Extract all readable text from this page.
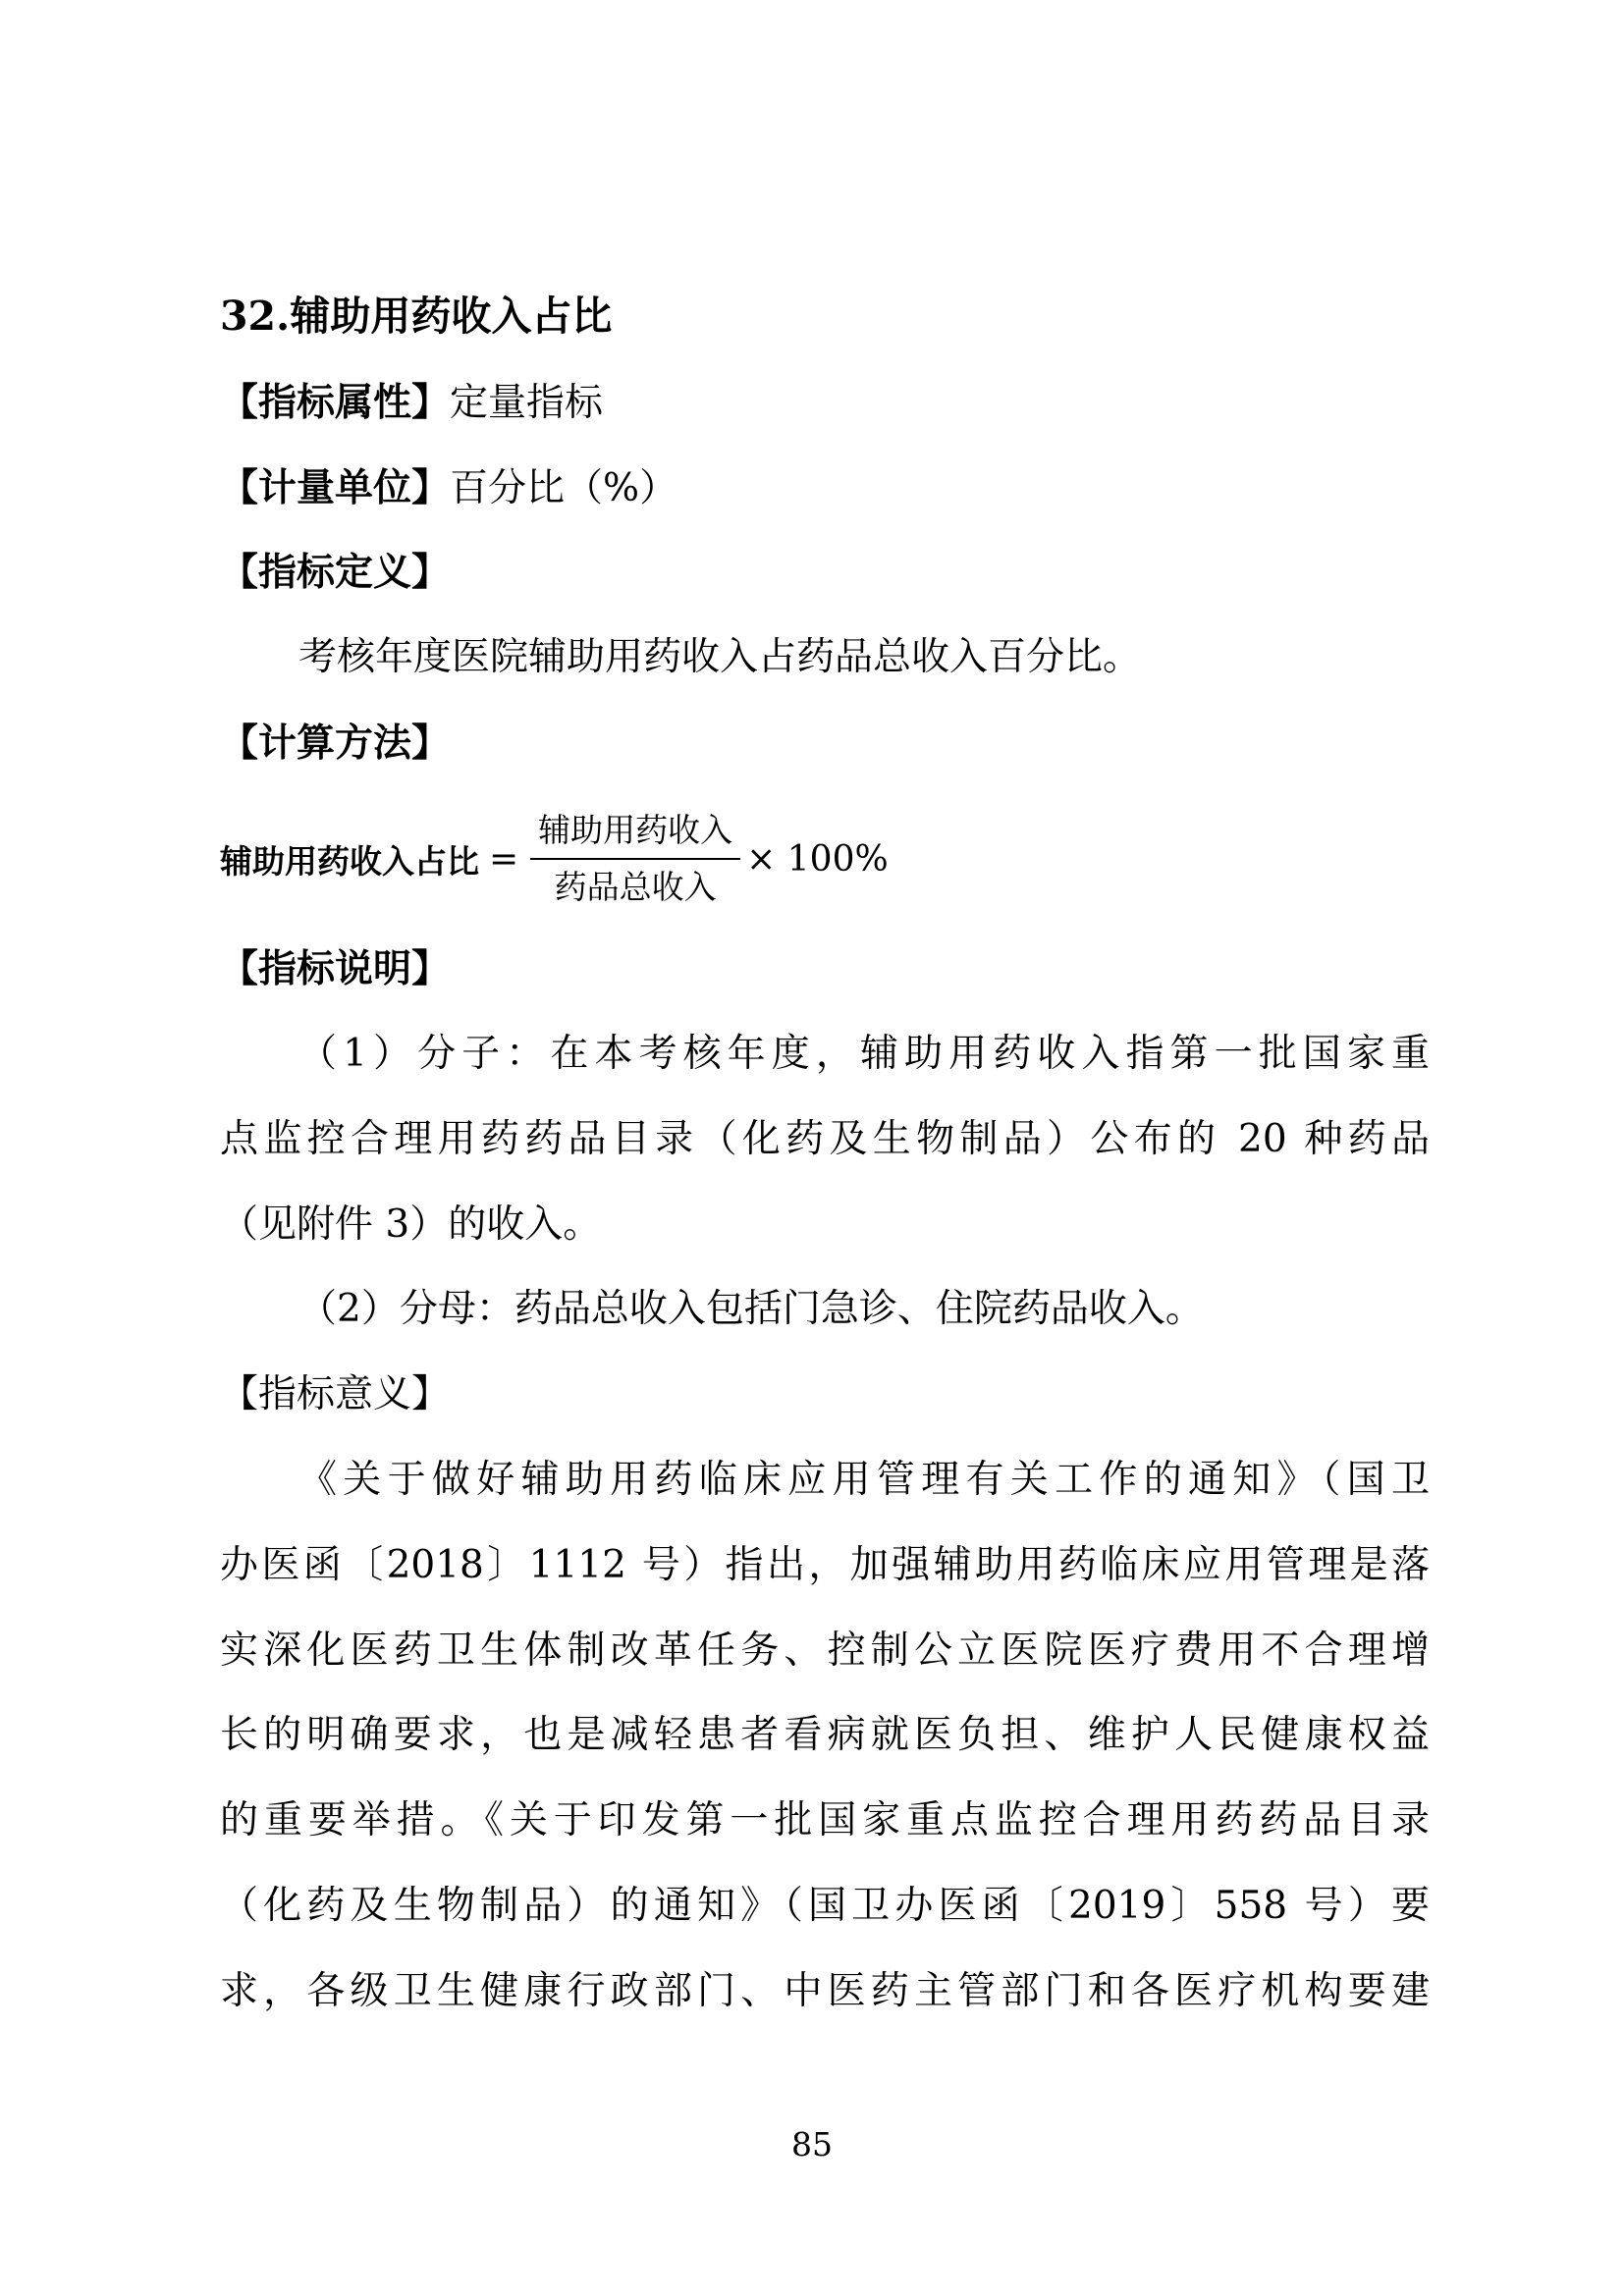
32.辅助用药收入占比
【指标属性】定量指标
【计量单位】百分比（%）
【指标定义】
考核年度医院辅助用药收入占药品总收入百分比。
【计算方法】
辅助用药收入占比 = $\frac{\text{辅助用药收入}}{\text{药品总收入}} \times 100\%$
【指标说明】
（1）分子：在本考核年度，辅助用药收入指第一批国家重
点监控合理用药药品目录（化药及生物制品）公布的 20 种药品
（见附件 3）的收入。
（2）分母：药品总收入包括门急诊、住院药品收入。
【指标意义】
《关于做好辅助用药临床应用管理有关工作的通知》（国卫
办医函〔2018〕1112 号）指出，加强辅助用药临床应用管理是落
实深化医药卫生体制改革任务、控制公立医院医疗费用不合理增
长的明确要求，也是减轻患者看病就医负担、维护人民健康权益
的重要举措。《关于印发第一批国家重点监控合理用药药品目录
（化药及生物制品）的通知》（国卫办医函〔2019〕558 号）要
求，各级卫生健康行政部门、中医药主管部门和各医疗机构要建
85
